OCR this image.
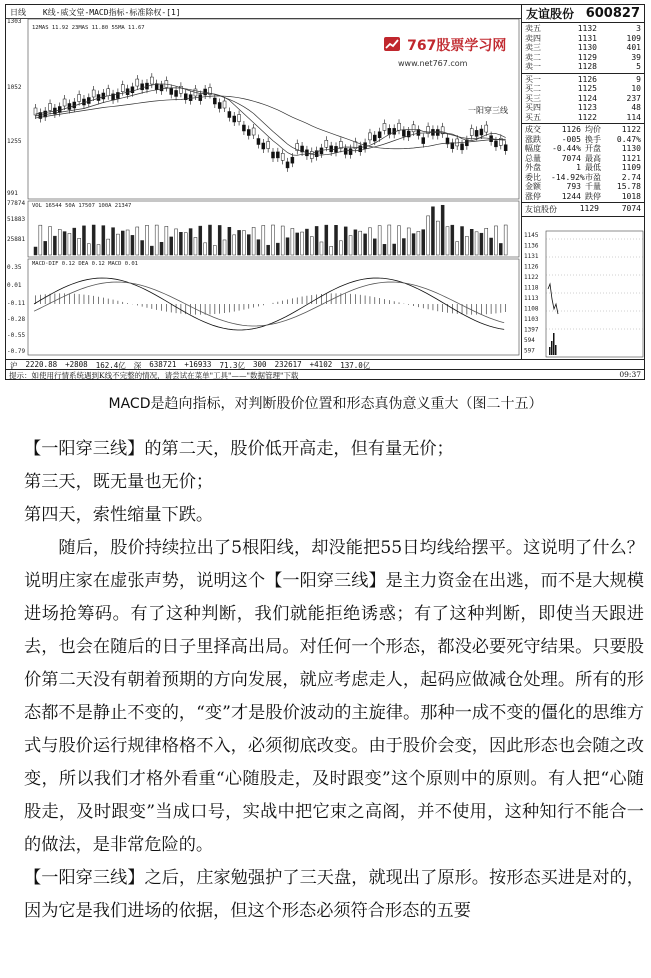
日线 K线-威文堂-MACD指标-标准除权-[1]
1303
1052
1255
991
77874
51883
25881
0.35
0.01
-0.11
-0.28
-0.55
-0.79
12MAS 11.92 23MAS 11.80 55MA 11.67
VOL 16544 50A 17507 100A 21347
MACD·DIF 0.12 DEA 0.12 MACD 0.01
767股票学习网
www.net767.com
一阳穿三线
友谊股份 600827
卖五	1132	3
卖四	1131	109
卖三	1130	401
卖二	1129	39
卖一	1128	5
买一	1126	9
买二	1125	10
买三	1124	237
买四	1123	48
买五	1122	114
成交	1126 均价	1122
涨跌	-005 换手	0.47%
幅度	-0.44% 开盘	1130
总量	7074 最高	1121
外盘	1 最低	1109
委比	-14.92% 市盈	2.74
金额	793 千量	15.78
涨停	1244 跌停	1018
友谊股份	1129	7074
1145
1136
1131
1126
1122
1118
1113
1108
1103
1397
594
597
沪	2220.88	+2808	162.4亿	深	638721	+16933	71.3亿	300	232617	+4102	137.0亿
提示：如使用行情系统遇到K线不完整的情况，请尝试在菜单"工具"——"数据管理"下载	09:37
MACD是趋向指标，对判断股价位置和形态真伪意义重大（图二十五）

【一阳穿三线】的第二天，股价低开高走，但有量无价；

第三天，既无量也无价；

第四天，索性缩量下跌。

随后，股价持续拉出了5根阳线，却没能把55日均线给摆平。这说明了什么？说明庄家在虚张声势，说明这个【一阳穿三线】是主力资金在出逃，而不是大规模进场抢筹码。有了这种判断，我们就能拒绝诱惑；有了这种判断，即使当天跟进去，也会在随后的日子里择高出局。对任何一个形态，都没必要死守结果。只要股价第二天没有朝着预期的方向发展，就应考虑走人，起码应做减仓处理。所有的形态都不是静止不变的，“变”才是股价波动的主旋律。那种一成不变的僵化的思维方式与股价运行规律格格不入，必须彻底改变。由于股价会变，因此形态也会随之改变，所以我们才格外看重“心随股走，及时跟变”这个原则中的原则。有人把“心随股走，及时跟变”当成口号，实战中把它束之高阁，并不使用，这种知行不能合一的做法，是非常危险的。

【一阳穿三线】之后，庄家勉强护了三天盘，就现出了原形。按形态买进是对的，因为它是我们进场的依据，但这个形态必须符合形态的五要
